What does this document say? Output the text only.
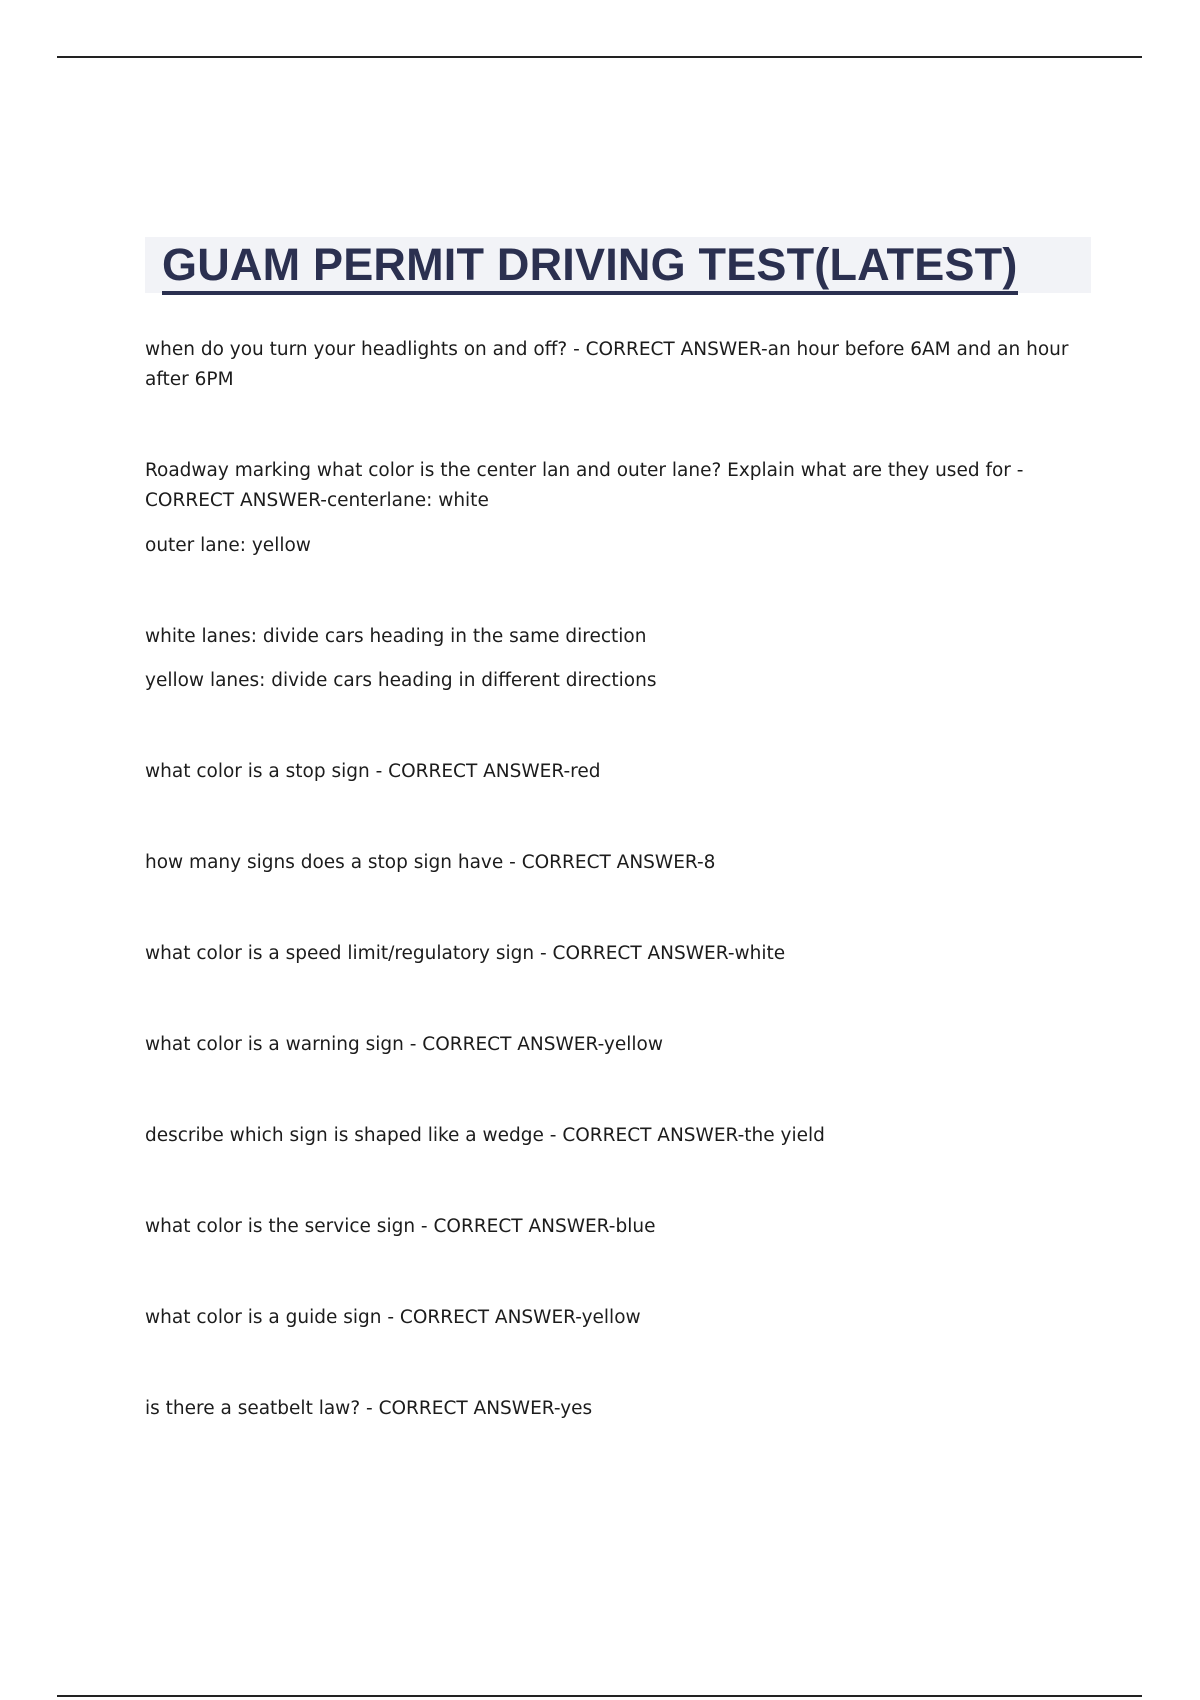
GUAM PERMIT DRIVING TEST(LATEST)

when do you turn your headlights on and off? - CORRECT ANSWER-an hour before 6AM and an hour after 6PM

Roadway marking what color is the center lan and outer lane? Explain what are they used for - CORRECT ANSWER-centerlane: white

outer lane: yellow

white lanes: divide cars heading in the same direction

yellow lanes: divide cars heading in different directions

what color is a stop sign - CORRECT ANSWER-red

how many signs does a stop sign have - CORRECT ANSWER-8

what color is a speed limit/regulatory sign - CORRECT ANSWER-white

what color is a warning sign - CORRECT ANSWER-yellow

describe which sign is shaped like a wedge - CORRECT ANSWER-the yield

what color is the service sign - CORRECT ANSWER-blue

what color is a guide sign - CORRECT ANSWER-yellow

is there a seatbelt law? - CORRECT ANSWER-yes
